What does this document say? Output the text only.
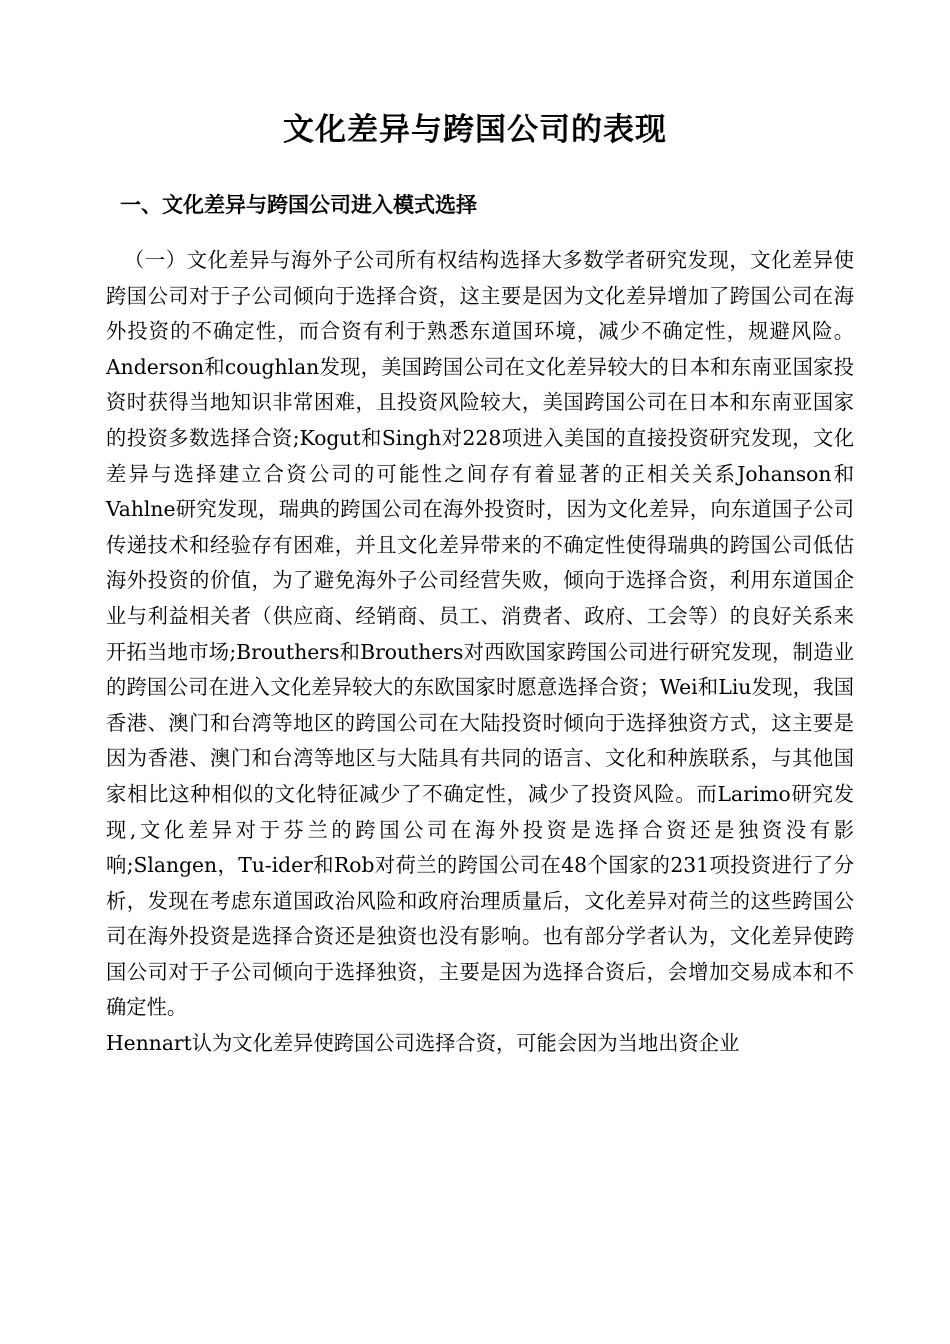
文化差异与跨国公司的表现
一、文化差异与跨国公司进入模式选择

（一）文化差异与海外子公司所有权结构选择大多数学者研究发现，文化差异使跨国公司对于子公司倾向于选择合资，这主要是因为文化差异增加了跨国公司在海外投资的不确定性，而合资有利于熟悉东道国环境，减少不确定性，规避风险。Anderson和coughlan发现，美国跨国公司在文化差异较大的日本和东南亚国家投资时获得当地知识非常困难，且投资风险较大，美国跨国公司在日本和东南亚国家的投资多数选择合资;Kogut和Singh对228项进入美国的直接投资研究发现，文化差异与选择建立合资公司的可能性之间存有着显著的正相关关系Johanson和Vahlne研究发现，瑞典的跨国公司在海外投资时，因为文化差异，向东道国子公司传递技术和经验存有困难，并且文化差异带来的不确定性使得瑞典的跨国公司低估海外投资的价值，为了避免海外子公司经营失败，倾向于选择合资，利用东道国企业与利益相关者（供应商、经销商、员工、消费者、政府、工会等）的良好关系来开拓当地市场;Brouthers和Brouthers对西欧国家跨国公司进行研究发现，制造业的跨国公司在进入文化差异较大的东欧国家时愿意选择合资；Wei和Liu发现，我国香港、澳门和台湾等地区的跨国公司在大陆投资时倾向于选择独资方式，这主要是因为香港、澳门和台湾等地区与大陆具有共同的语言、文化和种族联系，与其他国家相比这种相似的文化特征减少了不确定性，减少了投资风险。而Larimo研究发现,文化差异对于芬兰的跨国公司在海外投资是选择合资还是独资没有影响;Slangen，Tu-ider和Rob对荷兰的跨国公司在48个国家的231项投资进行了分析，发现在考虑东道国政治风险和政府治理质量后，文化差异对荷兰的这些跨国公司在海外投资是选择合资还是独资也没有影响。也有部分学者认为，文化差异使跨国公司对于子公司倾向于选择独资，主要是因为选择合资后，会增加交易成本和不确定性。

Hennart认为文化差异使跨国公司选择合资，可能会因为当地出资企业
